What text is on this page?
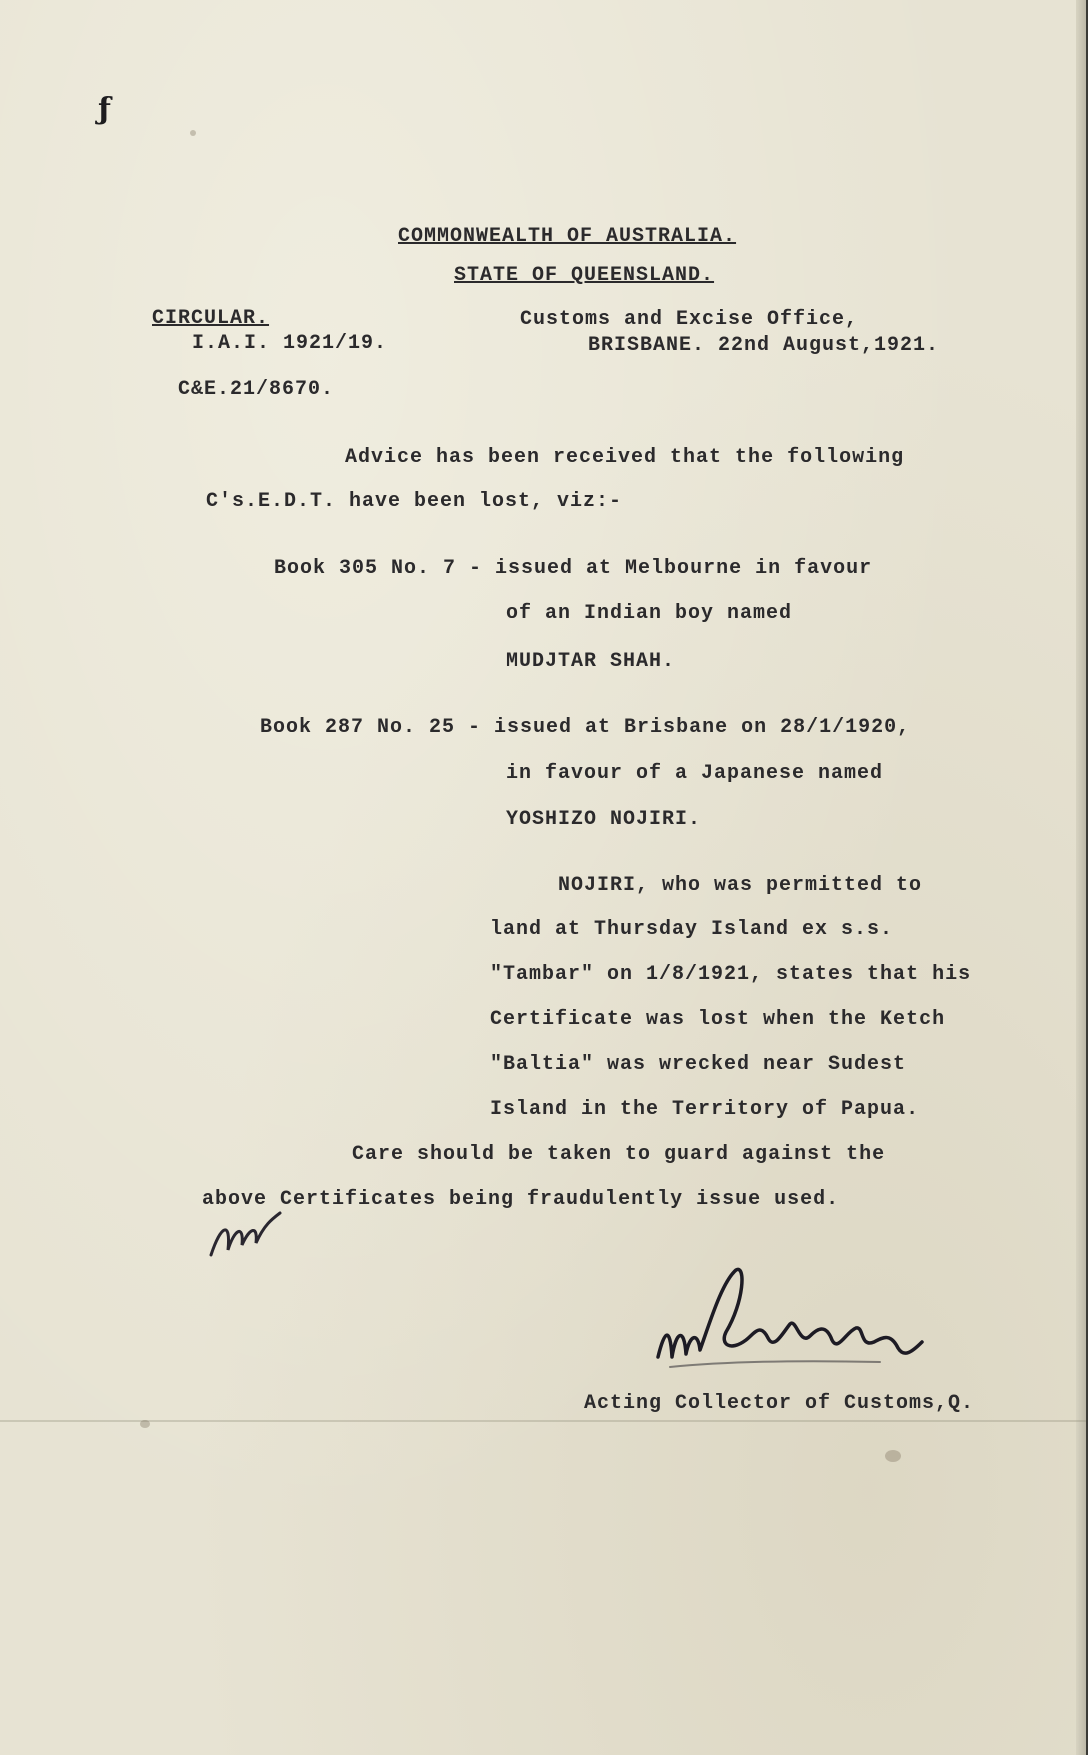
ƒ
COMMONWEALTH OF AUSTRALIA.
STATE OF QUEENSLAND.
CIRCULAR.
I.A.I. 1921/19.
Customs and Excise Office,
BRISBANE. 22nd August,1921.
C&E.21/8670.
Advice has been received that the following
C's.E.D.T. have been lost, viz:-
Book 305 No. 7 - issued at Melbourne in favour
of an Indian boy named
MUDJTAR SHAH.
Book 287 No. 25 - issued at Brisbane on 28/1/1920,
in favour of a Japanese named
YOSHIZO NOJIRI.
NOJIRI, who was permitted to
land at Thursday Island ex s.s.
"Tambar" on 1/8/1921, states that his
Certificate was lost when the Ketch
"Baltia" was wrecked near Sudest
Island in the Territory of Papua.
Care should be taken to guard against the
above Certificates being fraudulently issue used.
Acting Collector of Customs,Q.
